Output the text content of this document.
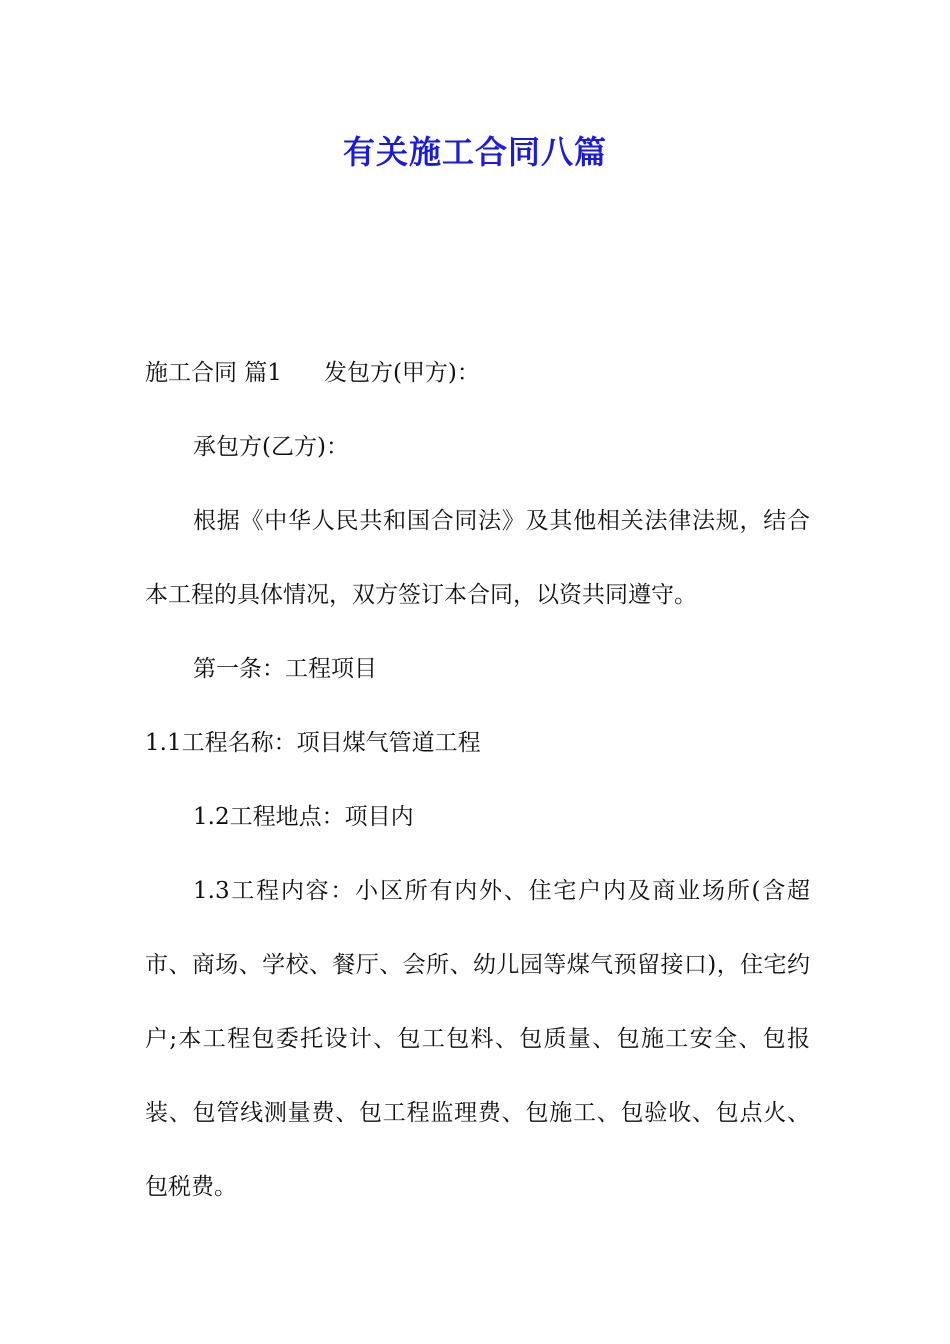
有关施工合同八篇

施工合同 篇1 发包方(甲方)：

承包方(乙方)：

根据《中华人民共和国合同法》及其他相关法律法规，结合本工程的具体情况，双方签订本合同，以资共同遵守。

第一条：工程项目

1.1工程名称：项目煤气管道工程

1.2工程地点：项目内

1.3工程内容：小区所有内外、住宅户内及商业场所(含超市、商场、学校、餐厅、会所、幼儿园等煤气预留接口)，住宅约户;本工程包委托设计、包工包料、包质量、包施工安全、包报装、包管线测量费、包工程监理费、包施工、包验收、包点火、包税费。
